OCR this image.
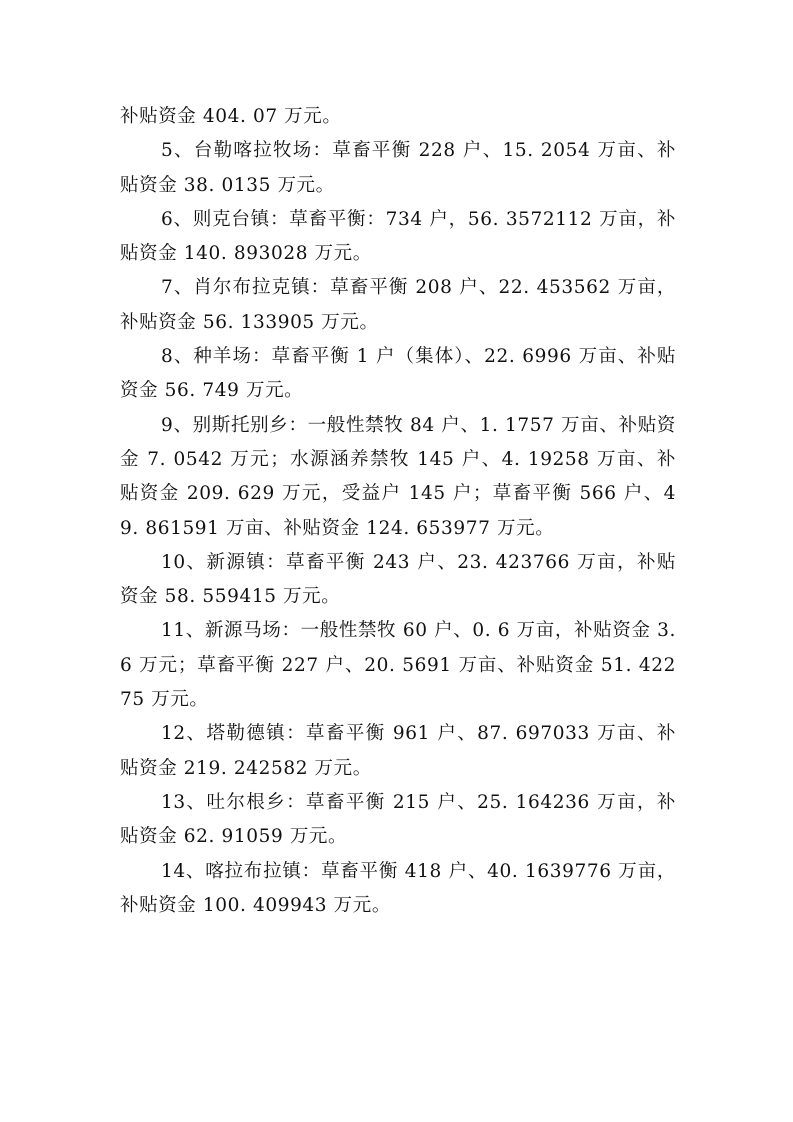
补贴资金 404. 07 万元。

5、台勒喀拉牧场：草畜平衡 228 户、15. 2054 万亩、补贴资金 38. 0135 万元。

6、则克台镇：草畜平衡：734 户，56. 3572112 万亩，补贴资金 140. 893028 万元。

7、肖尔布拉克镇：草畜平衡 208 户、22. 453562 万亩，补贴资金 56. 133905 万元。

8、种羊场：草畜平衡 1 户（集体）、22. 6996 万亩、补贴资金 56. 749 万元。

9、别斯托别乡：一般性禁牧 84 户、1. 1757 万亩、补贴资金 7. 0542 万元；水源涵养禁牧 145 户、4. 19258 万亩、补贴资金 209. 629 万元，受益户 145 户；草畜平衡 566 户、49. 861591 万亩、补贴资金 124. 653977 万元。

10、新源镇：草畜平衡 243 户、23. 423766 万亩，补贴资金 58. 559415 万元。

11、新源马场：一般性禁牧 60 户、0. 6 万亩，补贴资金 3. 6 万元；草畜平衡 227 户、20. 5691 万亩、补贴资金 51. 42275 万元。

12、塔勒德镇：草畜平衡 961 户、87. 697033 万亩、补贴资金 219. 242582 万元。

13、吐尔根乡：草畜平衡 215 户、25. 164236 万亩，补贴资金 62. 91059 万元。

14、喀拉布拉镇：草畜平衡 418 户、40. 1639776 万亩，补贴资金 100. 409943 万元。
